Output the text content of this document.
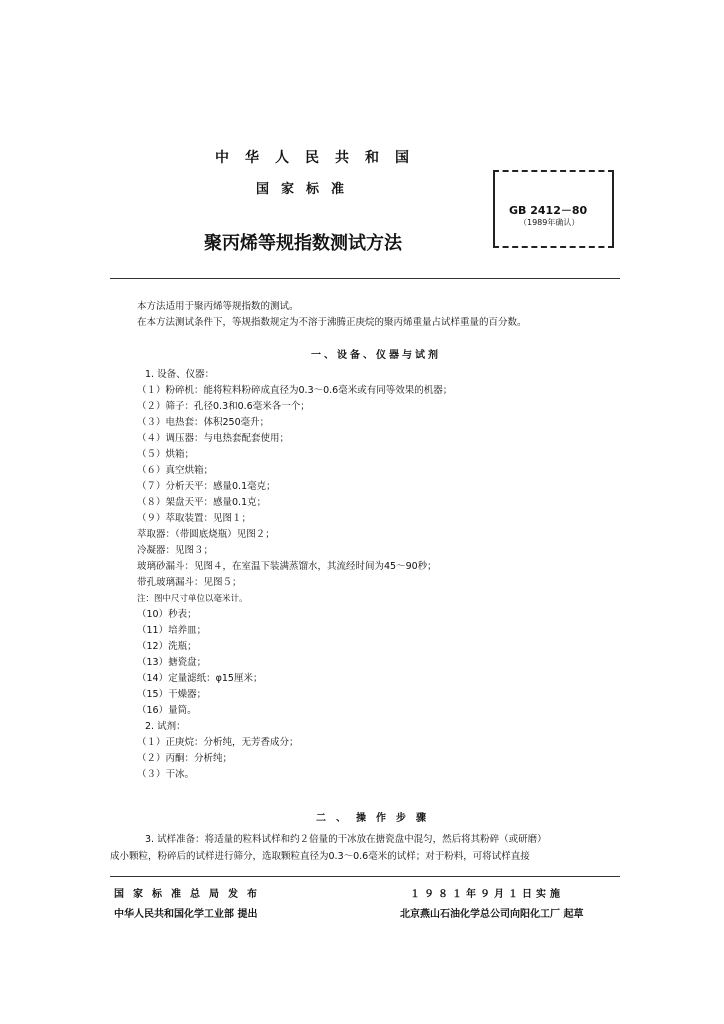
中华人民共和国
国家标准
聚丙烯等规指数测试方法
GB 2412－80
（1989年确认）
本方法适用于聚丙烯等规指数的测试。
在本方法测试条件下，等规指数规定为不溶于沸腾正庚烷的聚丙烯重量占试样重量的百分数。
一、设备、仪器与试剂
1. 设备、仪器：
（１）粉碎机：能将粒料粉碎成直径为0.3～0.6毫米或有同等效果的机器；
（２）筛子：孔径0.3和0.6毫米各一个；
（３）电热套：体积250毫升；
（４）调压器：与电热套配套使用；
（５）烘箱；
（６）真空烘箱；
（７）分析天平：感量0.1毫克；
（８）架盘天平：感量0.1克；
（９）萃取装置：见图１；
萃取器：（带圆底烧瓶）见图２；
冷凝器：见图３；
玻璃砂漏斗：见图４，在室温下装满蒸馏水，其流经时间为45～90秒；
带孔玻璃漏斗：见图５；
注：图中尺寸单位以毫米计。
（10）秒表；
（11）培养皿；
（12）洗瓶；
（13）搪瓷盘；
（14）定量滤纸：φ15厘米；
（15）干燥器；
（16）量筒。
2. 试剂：
（１）正庚烷：分析纯，无芳香成分；
（２）丙酮：分析纯；
（３）干冰。
二、操作步骤
3. 试样准备：将适量的粒料试样和约２倍量的干冰放在搪瓷盘中混匀，然后将其粉碎（或研磨）
成小颗粒，粉碎后的试样进行筛分，选取颗粒直径为0.3～0.6毫米的试样；对于粉料，可将试样直接
国家标准总局发布	１９８１年９月１日实施
中华人民共和国化学工业部 提出	北京燕山石油化学总公司向阳化工厂 起草
